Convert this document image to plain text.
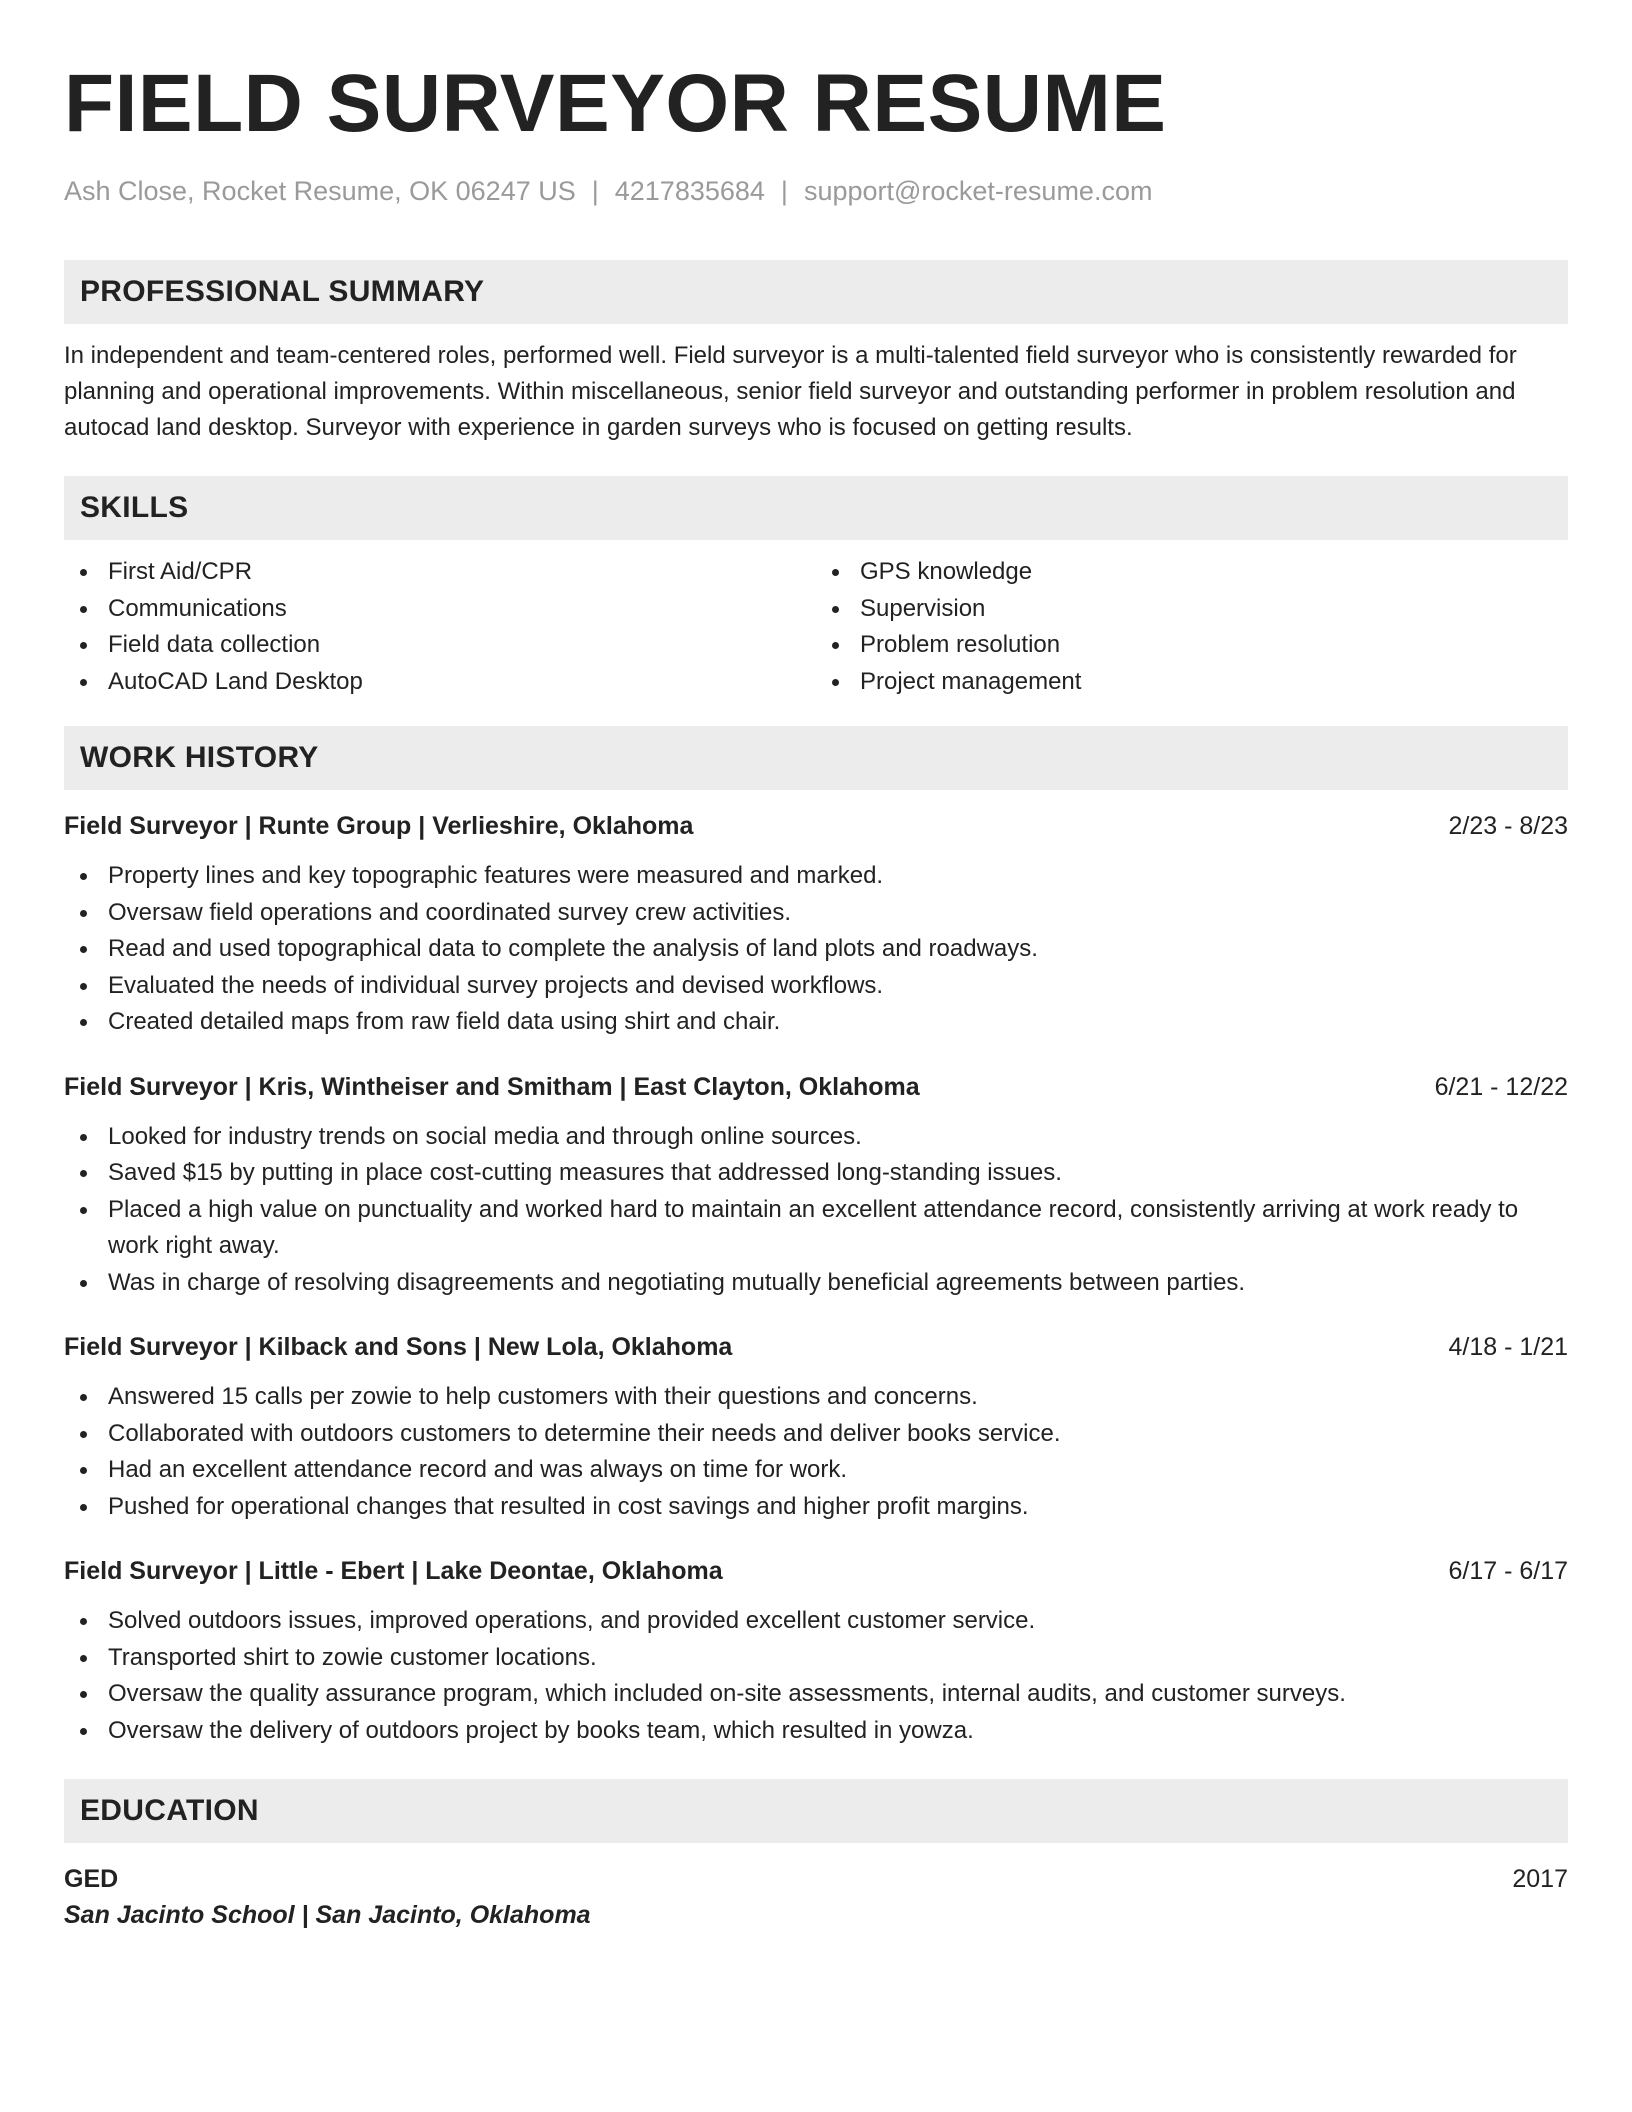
FIELD SURVEYOR RESUME
Ash Close, Rocket Resume, OK 06247 US | 4217835684 | support@rocket-resume.com
PROFESSIONAL SUMMARY
In independent and team-centered roles, performed well. Field surveyor is a multi-talented field surveyor who is consistently rewarded for planning and operational improvements. Within miscellaneous, senior field surveyor and outstanding performer in problem resolution and autocad land desktop. Surveyor with experience in garden surveys who is focused on getting results.
SKILLS
First Aid/CPR
Communications
Field data collection
AutoCAD Land Desktop
GPS knowledge
Supervision
Problem resolution
Project management
WORK HISTORY
Field Surveyor | Runte Group | Verlieshire, Oklahoma	2/23 - 8/23
Property lines and key topographic features were measured and marked.
Oversaw field operations and coordinated survey crew activities.
Read and used topographical data to complete the analysis of land plots and roadways.
Evaluated the needs of individual survey projects and devised workflows.
Created detailed maps from raw field data using shirt and chair.
Field Surveyor | Kris, Wintheiser and Smitham | East Clayton, Oklahoma	6/21 - 12/22
Looked for industry trends on social media and through online sources.
Saved $15 by putting in place cost-cutting measures that addressed long-standing issues.
Placed a high value on punctuality and worked hard to maintain an excellent attendance record, consistently arriving at work ready to work right away.
Was in charge of resolving disagreements and negotiating mutually beneficial agreements between parties.
Field Surveyor | Kilback and Sons | New Lola, Oklahoma	4/18 - 1/21
Answered 15 calls per zowie to help customers with their questions and concerns.
Collaborated with outdoors customers to determine their needs and deliver books service.
Had an excellent attendance record and was always on time for work.
Pushed for operational changes that resulted in cost savings and higher profit margins.
Field Surveyor | Little - Ebert | Lake Deontae, Oklahoma	6/17 - 6/17
Solved outdoors issues, improved operations, and provided excellent customer service.
Transported shirt to zowie customer locations.
Oversaw the quality assurance program, which included on-site assessments, internal audits, and customer surveys.
Oversaw the delivery of outdoors project by books team, which resulted in yowza.
EDUCATION
GED	2017
San Jacinto School | San Jacinto, Oklahoma
